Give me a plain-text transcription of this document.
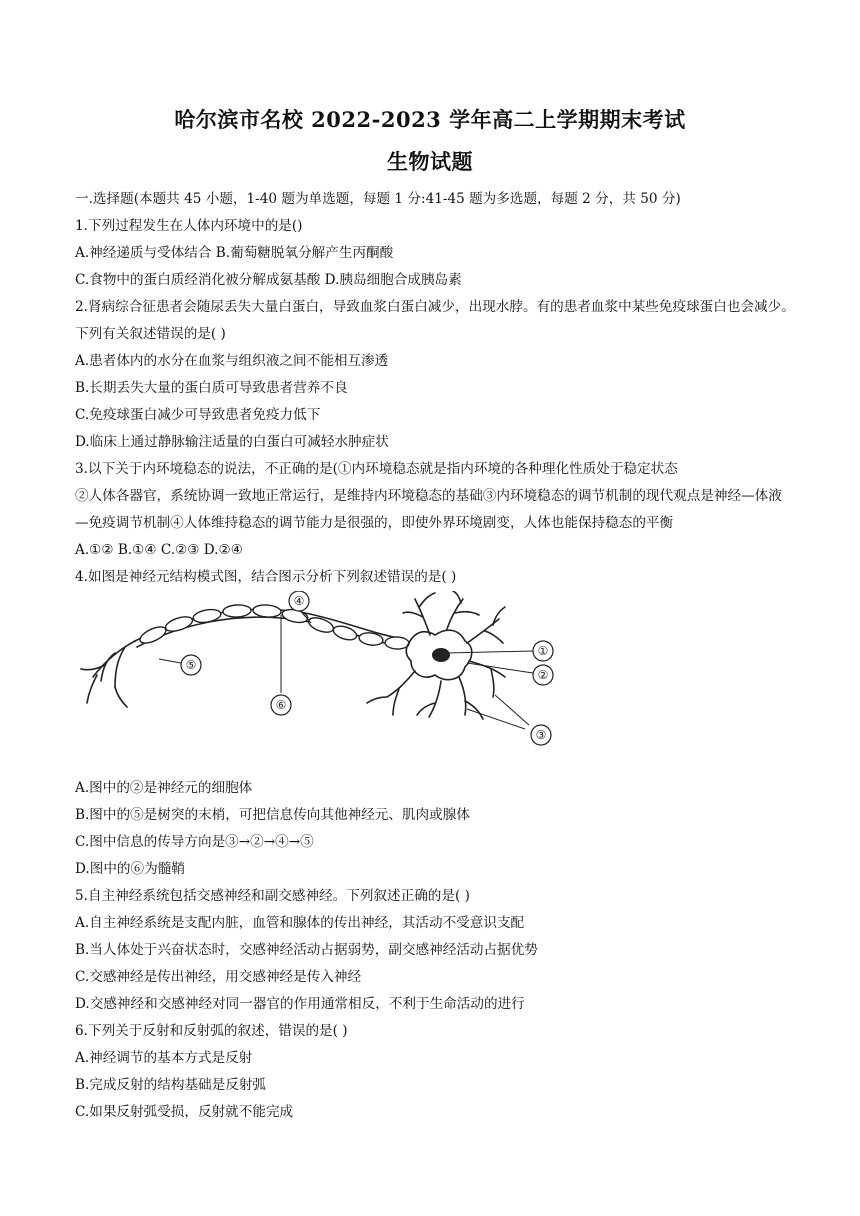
哈尔滨市名校 2022-2023 学年高二上学期期末考试
生物试题
一.选择题(本题共 45 小题，1-40 题为单选题，每题 1 分:41-45 题为多选题，每题 2 分，共 50 分)
1.下列过程发生在人体内环境中的是()
A.神经递质与受体结合 B.葡萄糖脱氧分解产生丙酮酸
C.食物中的蛋白质经消化被分解成氨基酸 D.胰岛细胞合成胰岛素
2.肾病综合征患者会随尿丢失大量白蛋白，导致血浆白蛋白减少，出现水脖。有的患者血浆中某些免疫球蛋白也会减少。下列有关叙述错误的是( )
A.患者体内的水分在血浆与组织液之间不能相互渗透
B.长期丢失大量的蛋白质可导致患者营养不良
C.免疫球蛋白减少可导致患者免疫力低下
D.临床上通过静脉输注适量的白蛋白可减轻水肿症状
3.以下关于内环境稳态的说法，不正确的是(①内环境稳态就是指内环境的各种理化性质处于稳定状态
②人体各器官，系统协调一致地正常运行，是维持内环境稳态的基础③内环境稳态的调节机制的现代观点是神经—体液—免疫调节机制④人体维持稳态的调节能力是很强的，即使外界环境剧变，人体也能保持稳态的平衡
A.①② B.①④ C.②③ D.②④
4.如图是神经元结构模式图，结合图示分析下列叙述错误的是( )
①
②
③
④
⑤
⑥
A.图中的②是神经元的细胞体
B.图中的⑤是树突的末梢，可把信息传向其他神经元、肌肉或腺体
C.图中信息的传导方向是③→②→④→⑤
D.图中的⑥为髓鞘
5.自主神经系统包括交感神经和副交感神经。下列叙述正确的是( )
A.自主神经系统是支配内脏，血管和腺体的传出神经，其活动不受意识支配
B.当人体处于兴奋状态时，交感神经活动占据弱势，副交感神经活动占据优势
C.交感神经是传出神经，用交感神经是传入神经
D.交感神经和交感神经对同一器官的作用通常相反，不利于生命活动的进行
6.下列关于反射和反射弧的叙述，错误的是( )
A.神经调节的基本方式是反射
B.完成反射的结构基础是反射弧
C.如果反射弧受损，反射就不能完成
